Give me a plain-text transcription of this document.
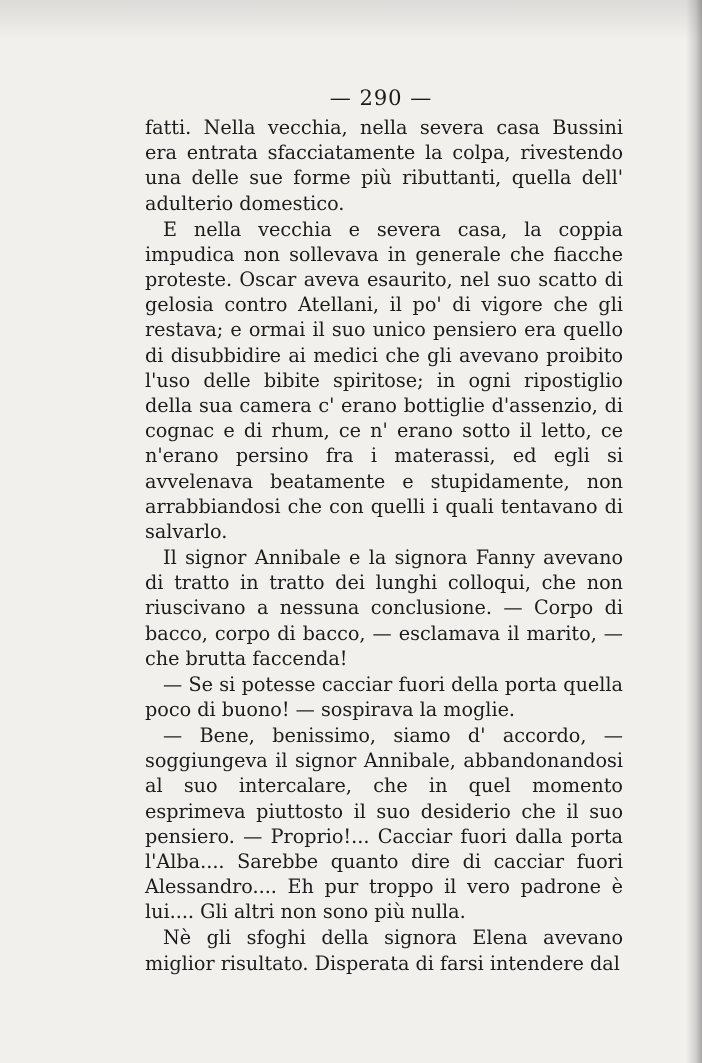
— 290 —

fatti. Nella vecchia, nella severa casa Bussini era entrata sfacciatamente la colpa, rivestendo una delle sue forme più ributtanti, quella dell' adulterio domestico.

E nella vecchia e severa casa, la coppia impudica non sollevava in generale che fiacche proteste. Oscar aveva esaurito, nel suo scatto di gelosia contro Atellani, il po' di vigore che gli restava; e ormai il suo unico pensiero era quello di disubbidire ai medici che gli avevano proibito l'uso delle bibite spiritose; in ogni ripostiglio della sua camera c' erano bottiglie d'assenzio, di cognac e di rhum, ce n' erano sotto il letto, ce n'erano persino fra i materassi, ed egli si avvelenava beatamente e stupidamente, non arrabbiandosi che con quelli i quali tentavano di salvarlo.

Il signor Annibale e la signora Fanny avevano di tratto in tratto dei lunghi colloqui, che non riuscivano a nessuna conclusione. — Corpo di bacco, corpo di bacco, — esclamava il marito, — che brutta faccenda!

— Se si potesse cacciar fuori della porta quella poco di buono! — sospirava la moglie.

— Bene, benissimo, siamo d' accordo, — soggiungeva il signor Annibale, abbandonandosi al suo intercalare, che in quel momento esprimeva piuttosto il suo desiderio che il suo pensiero. — Proprio!... Cacciar fuori dalla porta l'Alba.... Sarebbe quanto dire di cacciar fuori Alessandro.... Eh pur troppo il vero padrone è lui.... Gli altri non sono più nulla.

Nè gli sfoghi della signora Elena avevano miglior risultato. Disperata di farsi intendere dal
